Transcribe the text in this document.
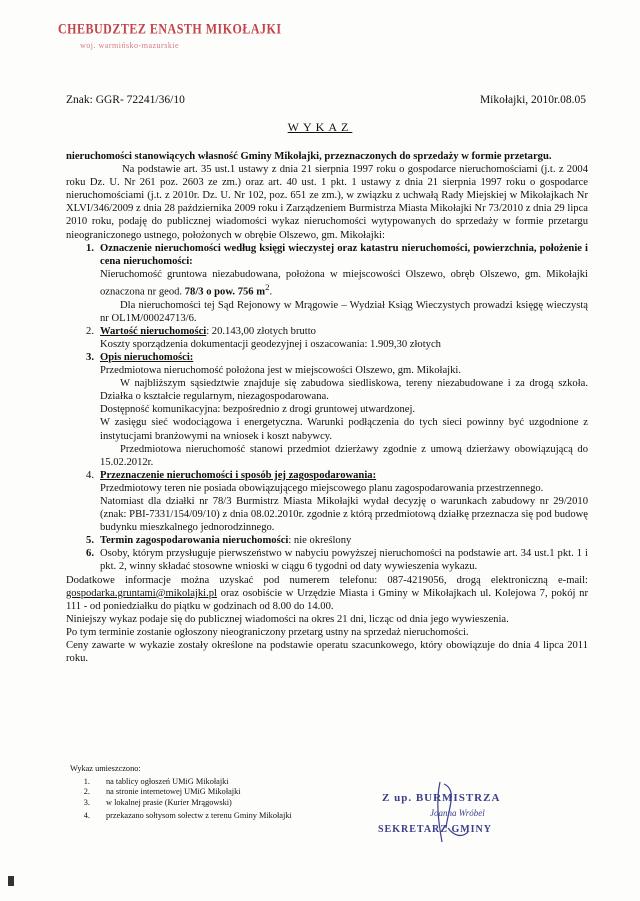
CHEBUDZTEZ ENASTH MIKOŁAJKI
woj. warmińsko-mazurskie
Znak: GGR- 72241/36/10	Mikołajki, 2010r.08.05
WYKAZ

nieruchomości stanowiących własność Gminy Mikołajki, przeznaczonych do sprzedaży w formie przetargu.

Na podstawie art. 35 ust.1 ustawy z dnia 21 sierpnia 1997 roku o gospodarce nieruchomościami (j.t. z 2004 roku Dz. U. Nr 261 poz. 2603 ze zm.) oraz art. 40 ust. 1 pkt. 1 ustawy z dnia 21 sierpnia 1997 roku o gospodarce nieruchomościami (j.t. z 2010r. Dz. U. Nr 102, poz. 651 ze zm.), w związku z uchwałą Rady Miejskiej w Mikołajkach Nr XLVI/346/2009 z dnia 28 października 2009 roku i Zarządzeniem Burmistrza Miasta Mikołajki Nr 73/2010 z dnia 29 lipca 2010 roku, podaję do publicznej wiadomości wykaz nieruchomości wytypowanych do sprzedaży w formie przetargu nieograniczonego ustnego, położonych w obrębie Olszewo, gm. Mikołajki:

1. Oznaczenie nieruchomości według księgi wieczystej oraz katastru nieruchomości, powierzchnia, położenie i cena nieruchomości:

Nieruchomość gruntowa niezabudowana, położona w miejscowości Olszewo, obręb Olszewo, gm. Mikołajki oznaczona nr geod. 78/3 o pow. 756 $m^2$.

Dla nieruchomości tej Sąd Rejonowy w Mrągowie – Wydział Ksiąg Wieczystych prowadzi księgę wieczystą nr OL1M/00024713/6.

2. Wartość nieruchomości: 20.143,00 złotych brutto

Koszty sporządzenia dokumentacji geodezyjnej i oszacowania: 1.909,30 złotych

3. Opis nieruchomości:

Przedmiotowa nieruchomość położona jest w miejscowości Olszewo, gm. Mikołajki.

W najbliższym sąsiedztwie znajduje się zabudowa siedliskowa, tereny niezabudowane i za drogą szkoła. Działka o kształcie regularnym, niezagospodarowana.

Dostępność komunikacyjna: bezpośrednio z drogi gruntowej utwardzonej.

W zasięgu sieć wodociągowa i energetyczna. Warunki podłączenia do tych sieci powinny być uzgodnione z instytucjami branżowymi na wniosek i koszt nabywcy.

Przedmiotowa nieruchomość stanowi przedmiot dzierżawy zgodnie z umową dzierżawy obowiązującą do 15.02.2012r.

4. Przeznaczenie nieruchomości i sposób jej zagospodarowania:

Przedmiotowy teren nie posiada obowiązującego miejscowego planu zagospodarowania przestrzennego.

Natomiast dla działki nr 78/3 Burmistrz Miasta Mikołajki wydał decyzję o warunkach zabudowy nr 29/2010 (znak: PBI-7331/154/09/10) z dnia 08.02.2010r. zgodnie z którą przedmiotową działkę przeznacza się pod budowę budynku mieszkalnego jednorodzinnego.

5. Termin zagospodarowania nieruchomości: nie określony

6. Osoby, którym przysługuje pierwszeństwo w nabyciu powyższej nieruchomości na podstawie art. 34 ust.1 pkt. 1 i pkt. 2, winny składać stosowne wnioski w ciągu 6 tygodni od daty wywieszenia wykazu.

Dodatkowe informacje można uzyskać pod numerem telefonu: 087-4219056, drogą elektroniczną e-mail: gospodarka.gruntami@mikolajki.pl oraz osobiście w Urzędzie Miasta i Gminy w Mikołajkach ul. Kolejowa 7, pokój nr 111 - od poniedziałku do piątku w godzinach od 8.00 do 14.00.

Niniejszy wykaz podaje się do publicznej wiadomości na okres 21 dni, licząc od dnia jego wywieszenia.

Po tym terminie zostanie ogłoszony nieograniczony przetarg ustny na sprzedaż nieruchomości.

Ceny zawarte w wykazie zostały określone na podstawie operatu szacunkowego, który obowiązuje do dnia 4 lipca 2011 roku.

Wykaz umieszczono:
1.	na tablicy ogłoszeń UMiG Mikołajki
2.	na stronie internetowej UMiG Mikołajki
3.	w lokalnej prasie (Kurier Mrągowski)
4.	przekazano sołtysom sołectw z terenu Gminy Mikołajki
Z up. BURMISTRZA
Joanna Wróbel
SEKRETARZ GMINY
